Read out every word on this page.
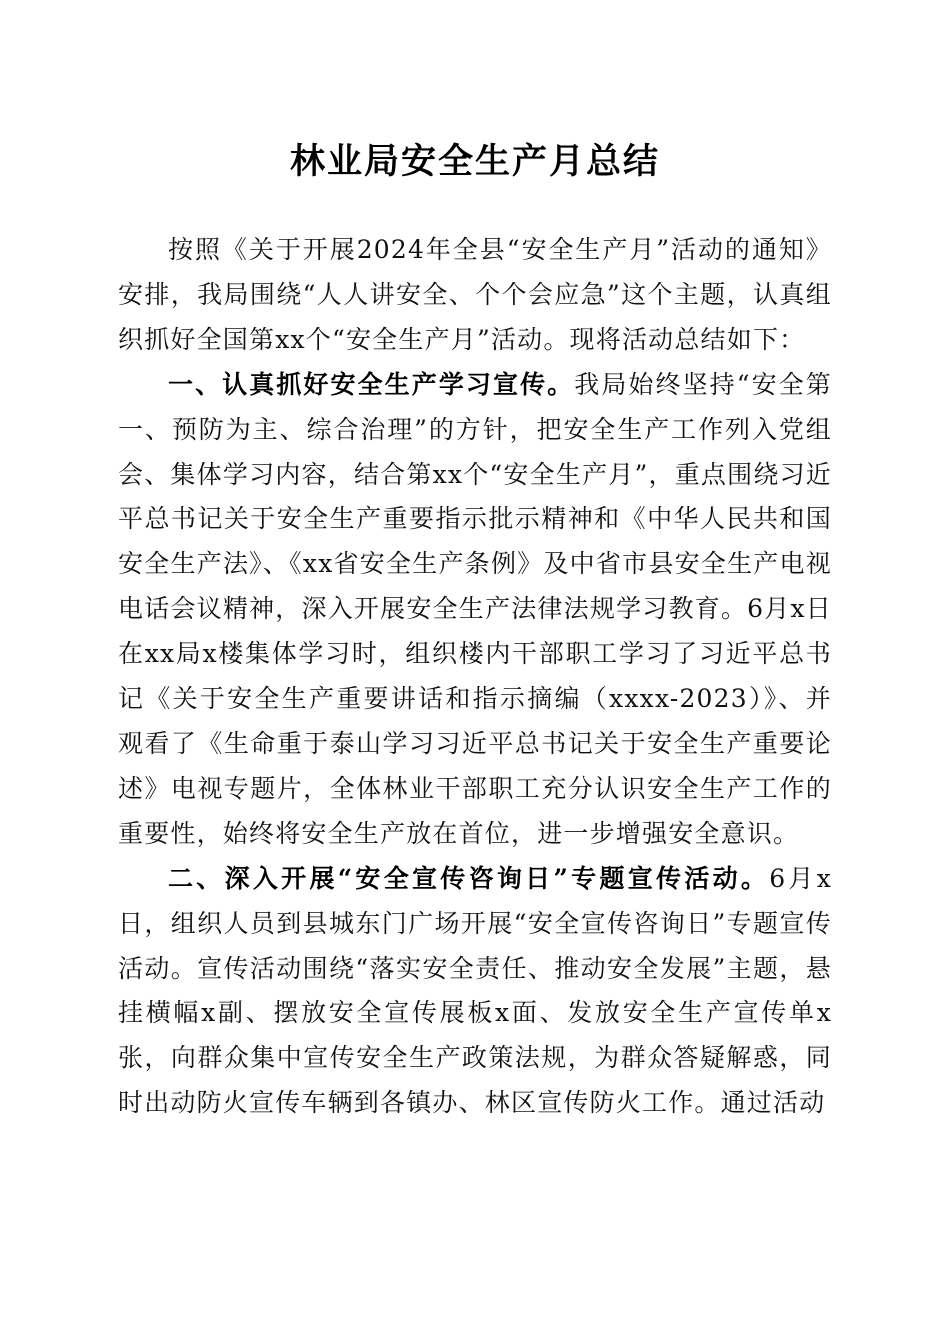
林业局安全生产月总结

按照《关于开展2024年全县“安全生产月”活动的通知》安排，我局围绕“人人讲安全、个个会应急”这个主题，认真组织抓好全国第xx个“安全生产月”活动。现将活动总结如下：

一、认真抓好安全生产学习宣传。我局始终坚持“安全第一、预防为主、综合治理”的方针，把安全生产工作列入党组会、集体学习内容，结合第xx个“安全生产月”，重点围绕习近平总书记关于安全生产重要指示批示精神和《中华人民共和国安全生产法》、《xx省安全生产条例》及中省市县安全生产电视电话会议精神，深入开展安全生产法律法规学习教育。6月x日在xx局x楼集体学习时，组织楼内干部职工学习了习近平总书记《关于安全生产重要讲话和指示摘编（xxxx-2023）》、并观看了《生命重于泰山学习习近平总书记关于安全生产重要论述》电视专题片，全体林业干部职工充分认识安全生产工作的重要性，始终将安全生产放在首位，进一步增强安全意识。

二、深入开展“安全宣传咨询日”专题宣传活动。6月x日，组织人员到县城东门广场开展“安全宣传咨询日”专题宣传活动。宣传活动围绕“落实安全责任、推动安全发展”主题，悬挂横幅x副、摆放安全宣传展板x面、发放安全生产宣传单x张，向群众集中宣传安全生产政策法规，为群众答疑解惑，同时出动防火宣传车辆到各镇办、林区宣传防火工作。通过活动
